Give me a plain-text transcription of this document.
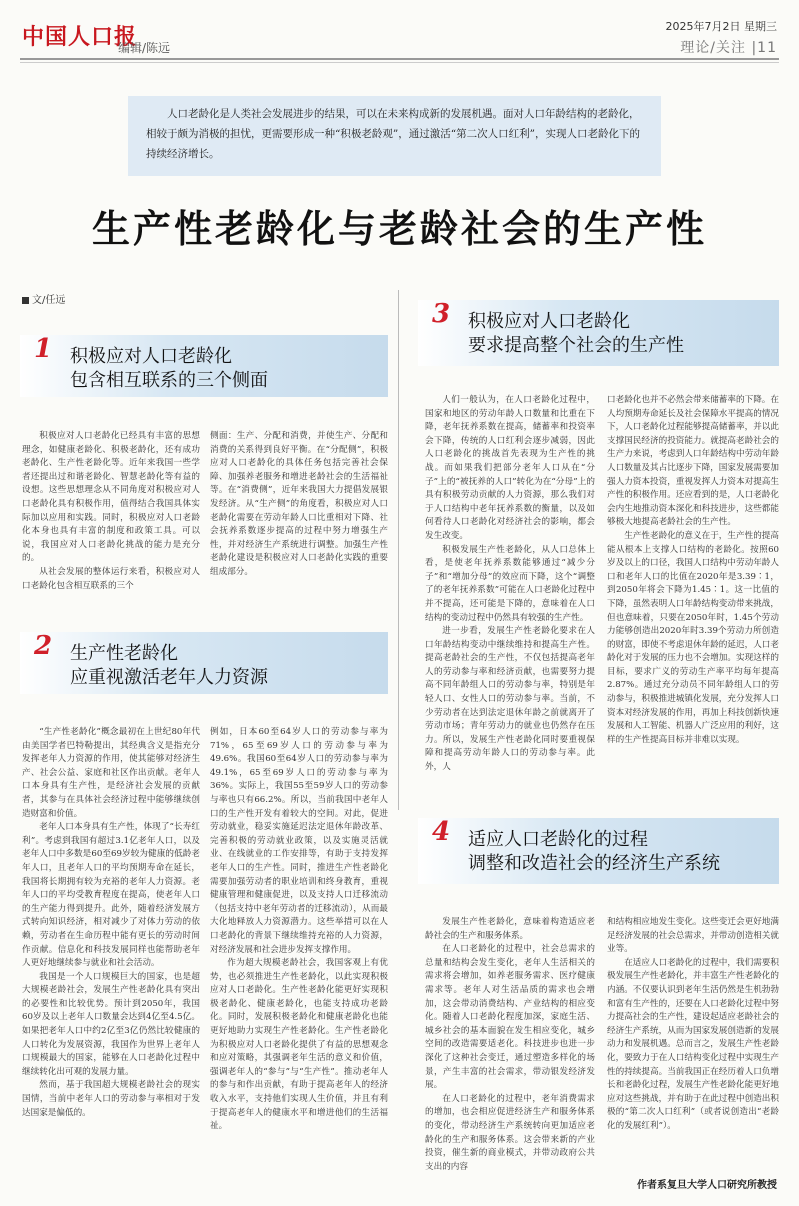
中国人口报
编辑/陈远
2025年7月2日 星期三
理论/关注 |11
人口老龄化是人类社会发展进步的结果，可以在未来构成新的发展机遇。面对人口年龄结构的老龄化，相较于颇为消极的担忧，更需要形成一种“积极老龄观”，通过激活“第二次人口红利”，实现人口老龄化下的持续经济增长。
生产性老龄化与老龄社会的生产性
文/任远
1 积极应对人口老龄化
包含相互联系的三个侧面

积极应对人口老龄化已经具有丰富的思想理念，如健康老龄化、积极老龄化，还有成功老龄化、生产性老龄化等。近年来我国一些学者还提出过和谐老龄化、智慧老龄化等有益的设想。这些思想理念从不同角度对积极应对人口老龄化具有积极作用，值得结合我国具体实际加以应用和实践。同时，积极应对人口老龄化本身也具有丰富的制度和政策工具。可以说，我国应对人口老龄化挑战的能力是充分的。

从社会发展的整体运行来看，积极应对人口老龄化包含相互联系的三个

侧面：生产、分配和消费，并使生产、分配和消费的关系得到良好平衡。在“分配侧”，积极应对人口老龄化的具体任务包括完善社会保障、加强养老服务和增进老龄社会的生活福祉等。在“消费侧”，近年来我国大力提倡发展银发经济。从“生产侧”的角度看，积极应对人口老龄化需要在劳动年龄人口比重相对下降、社会抚养系数逐步提高的过程中努力增强生产性，并对经济生产系统进行调整。加强生产性老龄化建设是积极应对人口老龄化实践的重要组成部分。

2 生产性老龄化
应重视激活老年人力资源

“生产性老龄化”概念最初在上世纪80年代由美国学者巴特勒提出，其经典含义是指充分发挥老年人力资源的作用，使其能够对经济生产、社会公益、家庭和社区作出贡献。老年人口本身具有生产性，是经济社会发展的贡献者，其参与在具体社会经济过程中能够继续创造财富和价值。

老年人口本身具有生产性，体现了“长寿红利”。考虑到我国有超过3.1亿老年人口，以及老年人口中多数是60至69岁较为健康的低龄老年人口，且老年人口的平均预期寿命在延长，我国将长期拥有较为充裕的老年人力资源。老年人口的平均受教育程度在提高，使老年人口的生产能力得到提升。此外，随着经济发展方式转向知识经济，相对减少了对体力劳动的依赖，劳动者在生命历程中能有更长的劳动时间作贡献。信息化和科技发展同样也能帮助老年人更好地继续参与就业和社会活动。

我国是一个人口规模巨大的国家，也是超大规模老龄社会，发展生产性老龄化具有突出的必要性和比较优势。预计到2050年，我国60岁及以上老年人口数量会达到4亿至4.5亿。如果把老年人口中约2亿至3亿仍然比较健康的人口转化为发展资源，我国作为世界上老年人口规模最大的国家，能够在人口老龄化过程中继续转化出可观的发展力量。

然而，基于我国超大规模老龄社会的现实国情，当前中老年人口的劳动参与率相对于发达国家是偏低的。

例如，日本60至64岁人口的劳动参与率为71%，65至69岁人口的劳动参与率为49.6%。我国60至64岁人口的劳动参与率为49.1%，65至69岁人口的劳动参与率为36%。实际上，我国55至59岁人口的劳动参与率也只有66.2%。所以，当前我国中老年人口的生产性开发有着较大的空间。对此，促进劳动就业，稳妥实施延迟法定退休年龄改革、完善积极的劳动就业政策，以及实施灵活就业、在线就业的工作安排等，有助于支持发挥老年人口的生产性。同时，推进生产性老龄化需要加强劳动者的职业培训和终身教育，重视健康管理和健康促进，以及支持人口迁移流动（包括支持中老年劳动者的迁移流动），从而最大化地释放人力资源潜力。这些举措可以在人口老龄化的背景下继续维持充裕的人力资源，对经济发展和社会进步发挥支撑作用。

作为超大规模老龄社会，我国客观上有优势，也必须推进生产性老龄化，以此实现积极应对人口老龄化。生产性老龄化能更好实现积极老龄化、健康老龄化，也能支持成功老龄化。同时，发展积极老龄化和健康老龄化也能更好地助力实现生产性老龄化。生产性老龄化为积极应对人口老龄化提供了有益的思想观念和应对策略，其强调老年生活的意义和价值，强调老年人的“参与”与“生产性”。推动老年人的参与和作出贡献，有助于提高老年人的经济收入水平，支持他们实现人生价值，并且有利于提高老年人的健康水平和增进他们的生活福祉。

3 积极应对人口老龄化
要求提高整个社会的生产性

人们一般认为，在人口老龄化过程中，国家和地区的劳动年龄人口数量和比重在下降，老年抚养系数在提高，储蓄率和投资率会下降，传统的人口红利会逐步减弱，因此人口老龄化的挑战首先表现为生产性的挑战。而如果我们把部分老年人口从在“分子”上的“被抚养的人口”转化为在“分母”上的具有积极劳动贡献的人力资源，那么我们对于人口结构中老年抚养系数的衡量，以及如何看待人口老龄化对经济社会的影响，都会发生改变。

积极发展生产性老龄化，从人口总体上看，是使老年抚养系数能够通过“减少分子”和“增加分母”的效应而下降，这个“调整了的老年抚养系数”可能在人口老龄化过程中并不提高，还可能是下降的，意味着在人口结构的变动过程中仍然具有较强的生产性。

进一步看，发展生产性老龄化要求在人口年龄结构变动中继续维持和提高生产性。提高老龄社会的生产性，不仅包括提高老年人的劳动参与率和经济贡献，也需要努力提高不同年龄组人口的劳动参与率，特别是年轻人口、女性人口的劳动参与率。当前，不少劳动者在达到法定退休年龄之前就离开了劳动市场；青年劳动力的就业也仍然存在压力。所以，发展生产性老龄化同时要重视保障和提高劳动年龄人口的劳动参与率。此外，人

口老龄化也并不必然会带来储蓄率的下降。在人均预期寿命延长及社会保障水平提高的情况下，人口老龄化过程能够提高储蓄率，并以此支撑国民经济的投资能力。就提高老龄社会的生产力来说，考虑到人口年龄结构中劳动年龄人口数量及其占比逐步下降，国家发展需要加强人力资本投资，重视发挥人力资本对提高生产性的积极作用。还应看到的是，人口老龄化会内生地推动资本深化和科技进步，这些都能够极大地提高老龄社会的生产性。

生产性老龄化的意义在于，生产性的提高能从根本上支撑人口结构的老龄化。按照60岁及以上的口径，我国人口结构中劳动年龄人口和老年人口的比值在2020年是3.39∶1，到2050年将会下降为1.45∶1。这一比值的下降，虽然表明人口年龄结构变动带来挑战，但也意味着，只要在2050年时，1.45个劳动力能够创造出2020年时3.39个劳动力所创造的财富，即使不考虑退休年龄的延迟，人口老龄化对于发展的压力也不会增加。实现这样的目标，要求广义的劳动生产率平均每年提高2.87%。通过充分动员不同年龄组人口的劳动参与，积极推进城镇化发展，充分发挥人口资本对经济发展的作用，再加上科技创新快速发展和人工智能、机器人广泛应用的利好，这样的生产性提高目标并非难以实现。

4 适应人口老龄化的过程
调整和改造社会的经济生产系统

发展生产性老龄化，意味着构造适应老龄社会的生产和服务体系。

在人口老龄化的过程中，社会总需求的总量和结构会发生变化，老年人生活相关的需求将会增加，如养老服务需求、医疗健康需求等。老年人对生活品质的需求也会增加，这会带动消费结构、产业结构的相应变化。随着人口老龄化程度加深，家庭生活、城乡社会的基本面貌在发生相应变化，城乡空间的改造需要适老化。科技进步也进一步深化了这种社会变迁，通过塑造多样化的场景，产生丰富的社会需求，带动银发经济发展。

在人口老龄化的过程中，老年消费需求的增加，也会相应促进经济生产和服务体系的变化，带动经济生产系统转向更加适应老龄化的生产和服务体系。这会带来新的产业投资，催生新的商业模式，并带动政府公共支出的内容

和结构相应地发生变化。这些变迁会更好地满足经济发展的社会总需求，并带动创造相关就业等。

在适应人口老龄化的过程中，我们需要积极发展生产性老龄化，并丰富生产性老龄化的内涵。不仅要认识到老年生活仍然是生机勃勃和富有生产性的，还要在人口老龄化过程中努力提高社会的生产性，建设起适应老龄社会的经济生产系统，从而为国家发展创造新的发展动力和发展机遇。总而言之，发展生产性老龄化，要致力于在人口结构变化过程中实现生产性的持续提高。当前我国正在经历着人口负增长和老龄化过程，发展生产性老龄化能更好地应对这些挑战，并有助于在此过程中创造出积极的“第二次人口红利”（或者说创造出“老龄化的发展红利”）。

作者系复旦大学人口研究所教授
